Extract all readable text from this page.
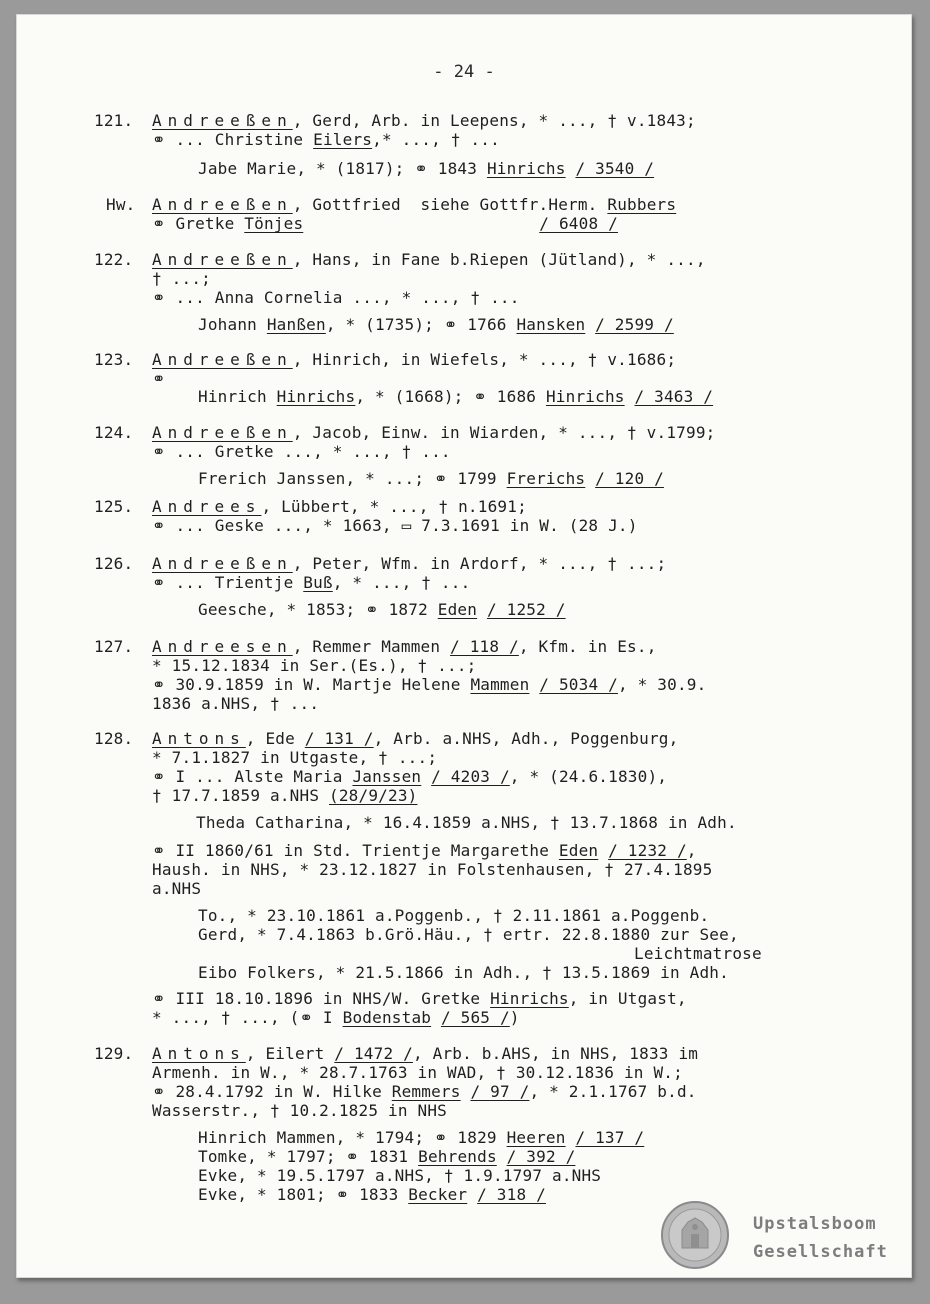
- 24 -
121. Andreeßen, Gerd, Arb. in Leepens, * ..., † v.1843;
⚭ ... Christine Eilers,* ..., † ...
Jabe Marie, * (1817); ⚭ 1843 Hinrichs / 3540 /
Hw. Andreeßen, Gottfried  siehe Gottfr.Herm. Rubbers
⚭ Gretke Tönjes	/ 6408 /
122. Andreeßen, Hans, in Fane b.Riepen (Jütland), * ...,
† ...;
⚭ ... Anna Cornelia ..., * ..., † ...
Johann Hanßen, * (1735); ⚭ 1766 Hansken / 2599 /
123. Andreeßen, Hinrich, in Wiefels, * ..., † v.1686;
⚭
Hinrich Hinrichs, * (1668); ⚭ 1686 Hinrichs / 3463 /
124. Andreeßen, Jacob, Einw. in Wiarden, * ..., † v.1799;
⚭ ... Gretke ..., * ..., † ...
Frerich Janssen, * ...; ⚭ 1799 Frerichs / 120 /
125. Andrees, Lübbert, * ..., † n.1691;
⚭ ... Geske ..., * 1663, ▭ 7.3.1691 in W. (28 J.)
126. Andreeßen, Peter, Wfm. in Ardorf, * ..., † ...;
⚭ ... Trientje Buß, * ..., † ...
Geesche, * 1853; ⚭ 1872 Eden / 1252 /
127. Andreesen, Remmer Mammen / 118 /, Kfm. in Es.,
* 15.12.1834 in Ser.(Es.), † ...;
⚭ 30.9.1859 in W. Martje Helene Mammen / 5034 /, * 30.9.
1836 a.NHS, † ...
128. Antons, Ede / 131 /, Arb. a.NHS, Adh., Poggenburg,
* 7.1.1827 in Utgaste, † ...;
⚭ I ... Alste Maria Janssen / 4203 /, * (24.6.1830),
† 17.7.1859 a.NHS (28/9/23)
Theda Catharina, * 16.4.1859 a.NHS, † 13.7.1868 in Adh.
⚭ II 1860/61 in Std. Trientje Margarethe Eden / 1232 /,
Haush. in NHS, * 23.12.1827 in Folstenhausen, † 27.4.1895
a.NHS
To., * 23.10.1861 a.Poggenb., † 2.11.1861 a.Poggenb.
Gerd, * 7.4.1863 b.Grö.Häu., † ertr. 22.8.1880 zur See,
Leichtmatrose
Eibo Folkers, * 21.5.1866 in Adh., † 13.5.1869 in Adh.
⚭ III 18.10.1896 in NHS/W. Gretke Hinrichs, in Utgast,
* ..., † ..., (⚭ I Bodenstab / 565 /)
129. Antons, Eilert / 1472 /, Arb. b.AHS, in NHS, 1833 im
Armenh. in W., * 28.7.1763 in WAD, † 30.12.1836 in W.;
⚭ 28.4.1792 in W. Hilke Remmers / 97 /, * 2.1.1767 b.d.
Wasserstr., † 10.2.1825 in NHS
Hinrich Mammen, * 1794; ⚭ 1829 Heeren / 137 /
Tomke, * 1797; ⚭ 1831 Behrends / 392 /
Evke, * 19.5.1797 a.NHS, † 1.9.1797 a.NHS
Evke, * 1801; ⚭ 1833 Becker / 318 /
Upstalsboom
Gesellschaft
